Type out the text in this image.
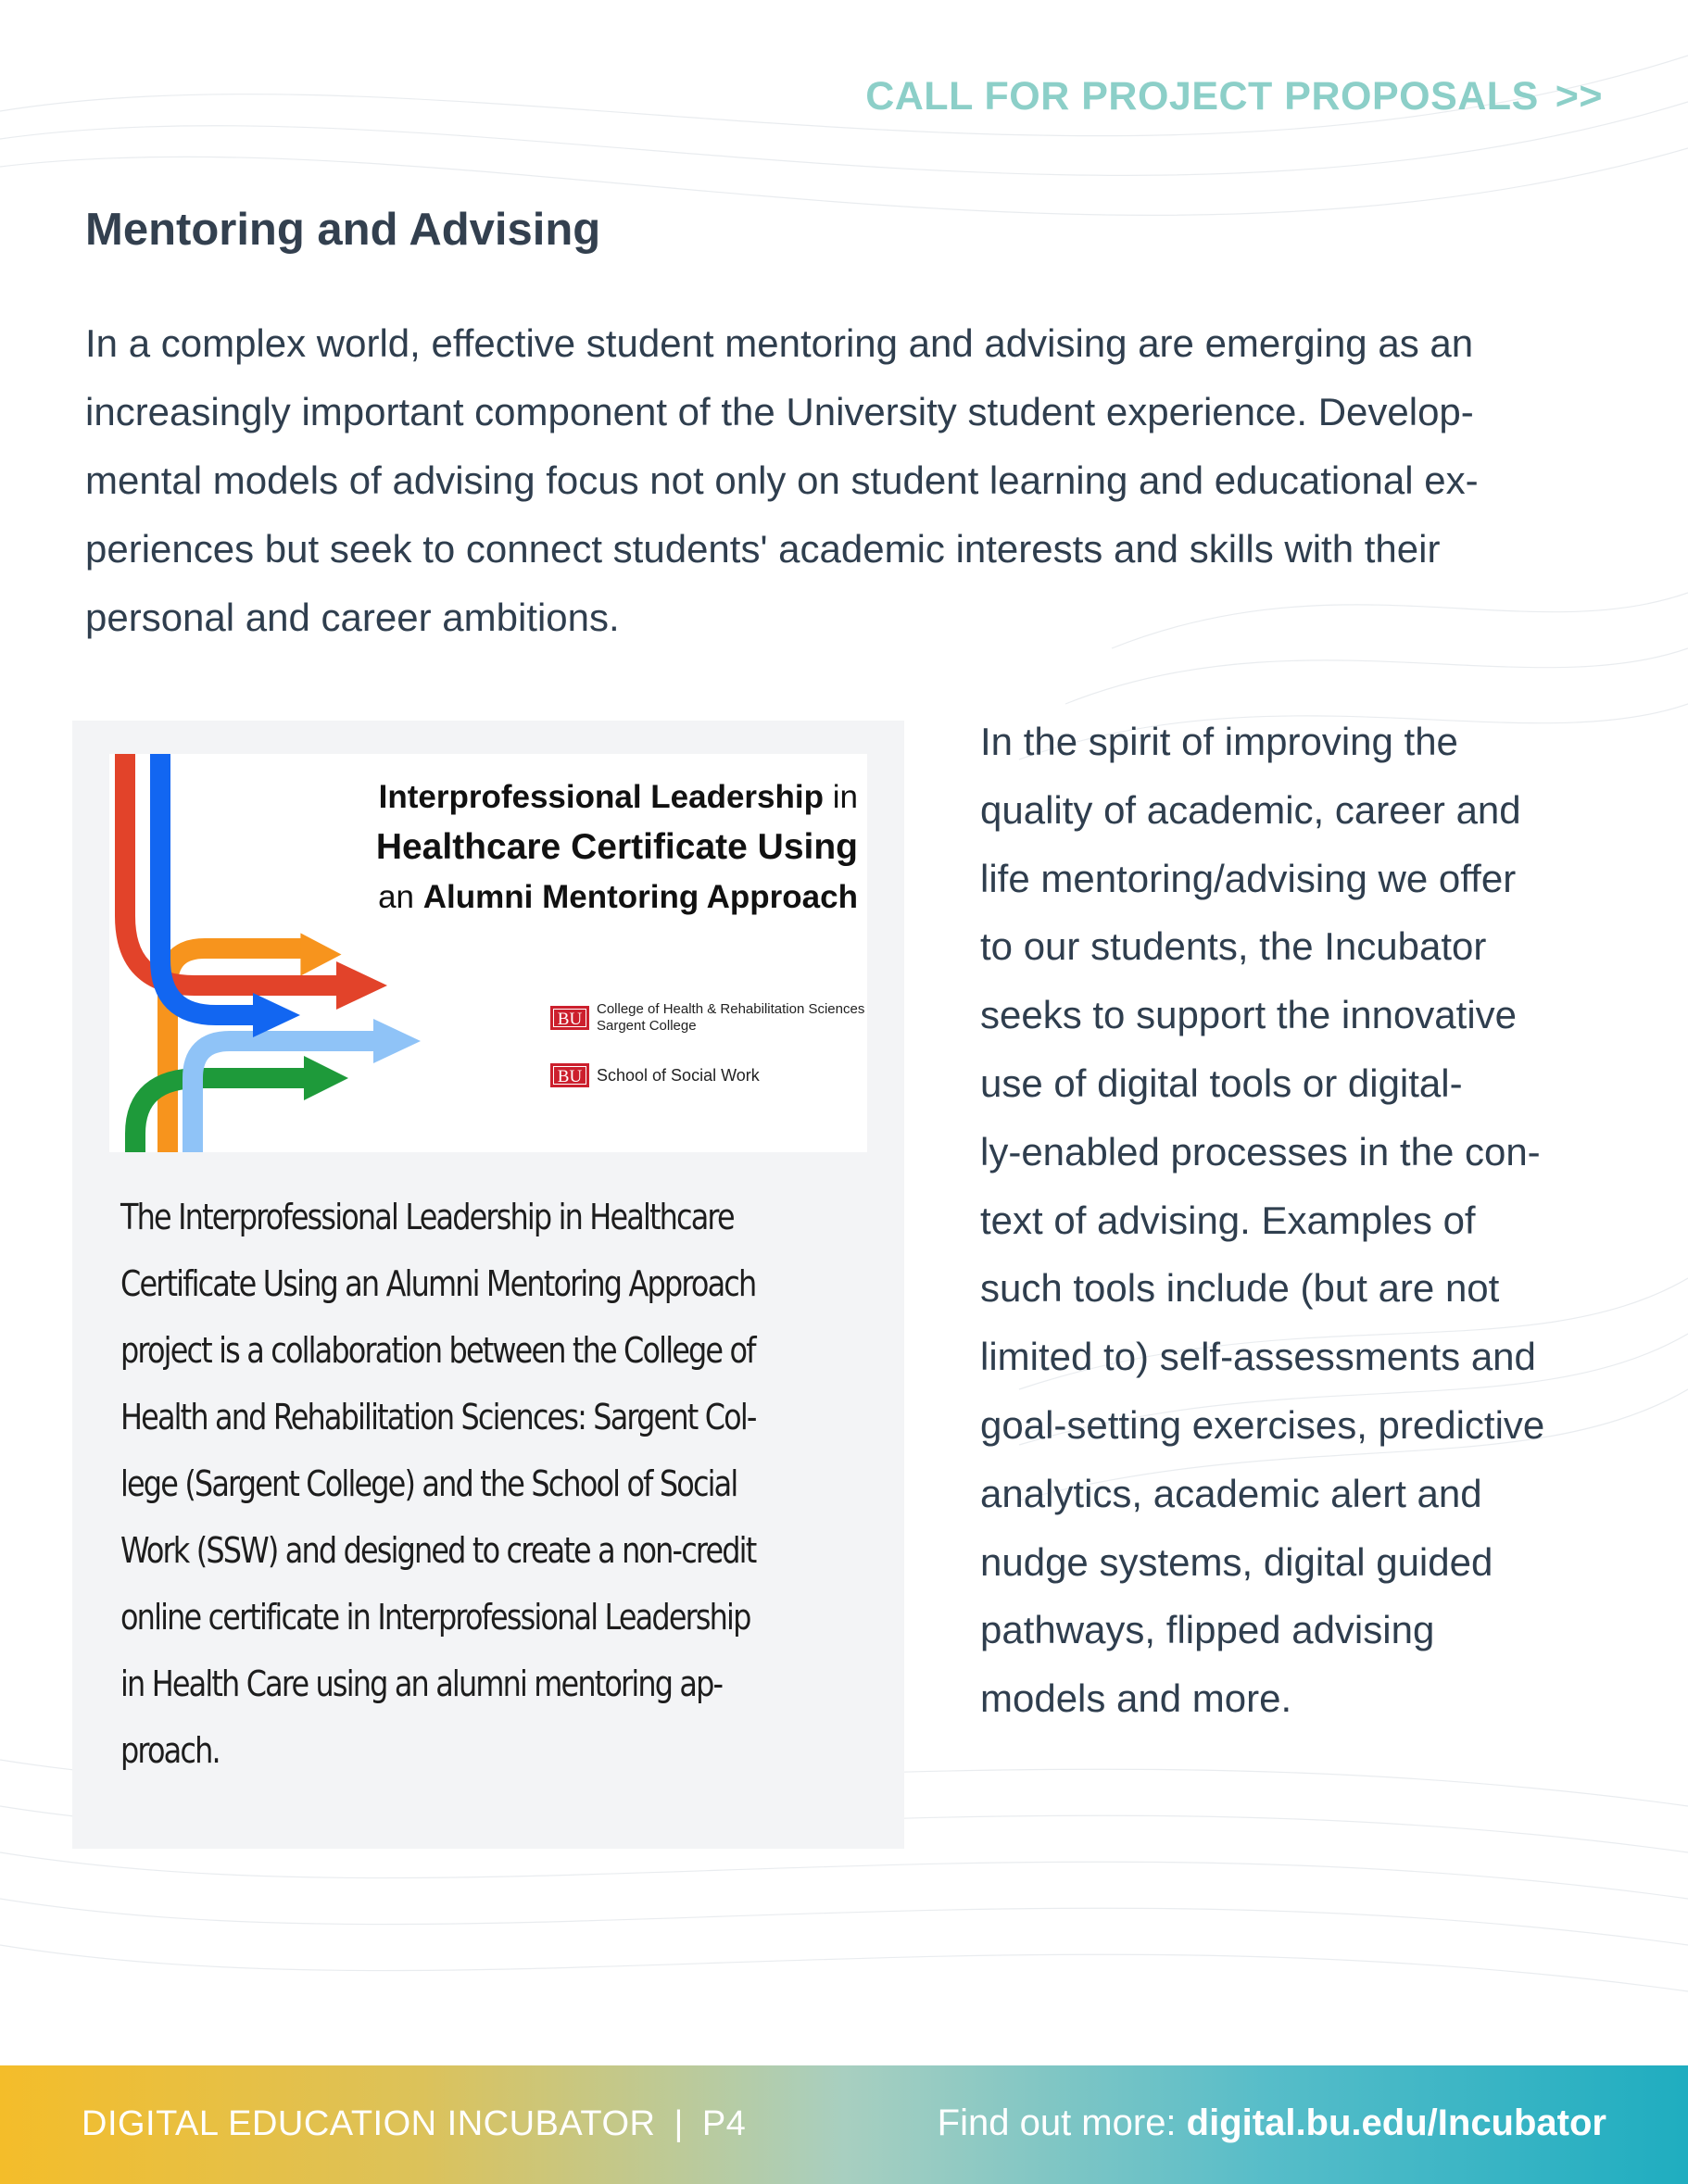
CALL FOR PROJECT PROPOSALS >>
Mentoring and Advising
In a complex world, effective student mentoring and advising are emerging as an
increasingly important component of the University student experience. Develop-
mental models of advising focus not only on student learning and educational ex-
periences but seek to connect students' academic interests and skills with their
personal and career ambitions.
Interprofessional Leadership in
Healthcare Certificate Using
an Alumni Mentoring Approach
BU
College of Health & Rehabilitation Sciences
Sargent College
BU School of Social Work
The Interprofessional Leadership in Healthcare
Certificate Using an Alumni Mentoring Approach
project is a collaboration between the College of
Health and Rehabilitation Sciences: Sargent Col-
lege (Sargent College) and the School of Social
Work (SSW) and designed to create a non-credit
online certificate in Interprofessional Leadership
in Health Care using an alumni mentoring ap-
proach.
In the spirit of improving the
quality of academic, career and
life mentoring/advising we offer
to our students, the Incubator
seeks to support the innovative
use of digital tools or digital-
ly-enabled processes in the con-
text of advising. Examples of
such tools include (but are not
limited to) self-assessments and
goal-setting exercises, predictive
analytics, academic alert and
nudge systems, digital guided
pathways, flipped advising
models and more.
DIGITAL EDUCATION INCUBATOR | P4	Find out more: digital.bu.edu/Incubator
